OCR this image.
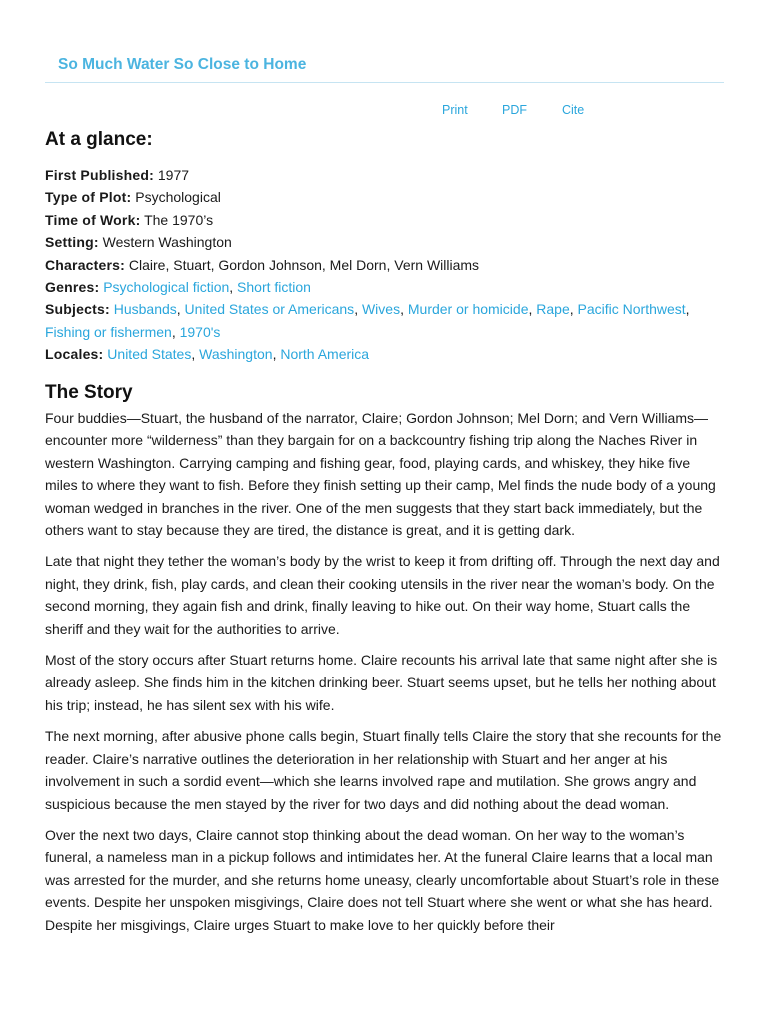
So Much Water So Close to Home
Print	PDF	Cite
At a glance:
First Published: 1977
Type of Plot: Psychological
Time of Work: The 1970’s
Setting: Western Washington
Characters: Claire, Stuart, Gordon Johnson, Mel Dorn, Vern Williams
Genres: Psychological fiction, Short fiction
Subjects: Husbands, United States or Americans, Wives, Murder or homicide, Rape, Pacific Northwest, Fishing or fishermen, 1970's
Locales: United States, Washington, North America
The Story

Four buddies—Stuart, the husband of the narrator, Claire; Gordon Johnson; Mel Dorn; and Vern Williams—encounter more “wilderness” than they bargain for on a backcountry fishing trip along the Naches River in western Washington. Carrying camping and fishing gear, food, playing cards, and whiskey, they hike five miles to where they want to fish. Before they finish setting up their camp, Mel finds the nude body of a young woman wedged in branches in the river. One of the men suggests that they start back immediately, but the others want to stay because they are tired, the distance is great, and it is getting dark.

Late that night they tether the woman’s body by the wrist to keep it from drifting off. Through the next day and night, they drink, fish, play cards, and clean their cooking utensils in the river near the woman’s body. On the second morning, they again fish and drink, finally leaving to hike out. On their way home, Stuart calls the sheriff and they wait for the authorities to arrive.

Most of the story occurs after Stuart returns home. Claire recounts his arrival late that same night after she is already asleep. She finds him in the kitchen drinking beer. Stuart seems upset, but he tells her nothing about his trip; instead, he has silent sex with his wife.

The next morning, after abusive phone calls begin, Stuart finally tells Claire the story that she recounts for the reader. Claire’s narrative outlines the deterioration in her relationship with Stuart and her anger at his involvement in such a sordid event—which she learns involved rape and mutilation. She grows angry and suspicious because the men stayed by the river for two days and did nothing about the dead woman.

Over the next two days, Claire cannot stop thinking about the dead woman. On her way to the woman’s funeral, a nameless man in a pickup follows and intimidates her. At the funeral Claire learns that a local man was arrested for the murder, and she returns home uneasy, clearly uncomfortable about Stuart’s role in these events. Despite her unspoken misgivings, Claire does not tell Stuart where she went or what she has heard. Despite her misgivings, Claire urges Stuart to make love to her quickly before their
